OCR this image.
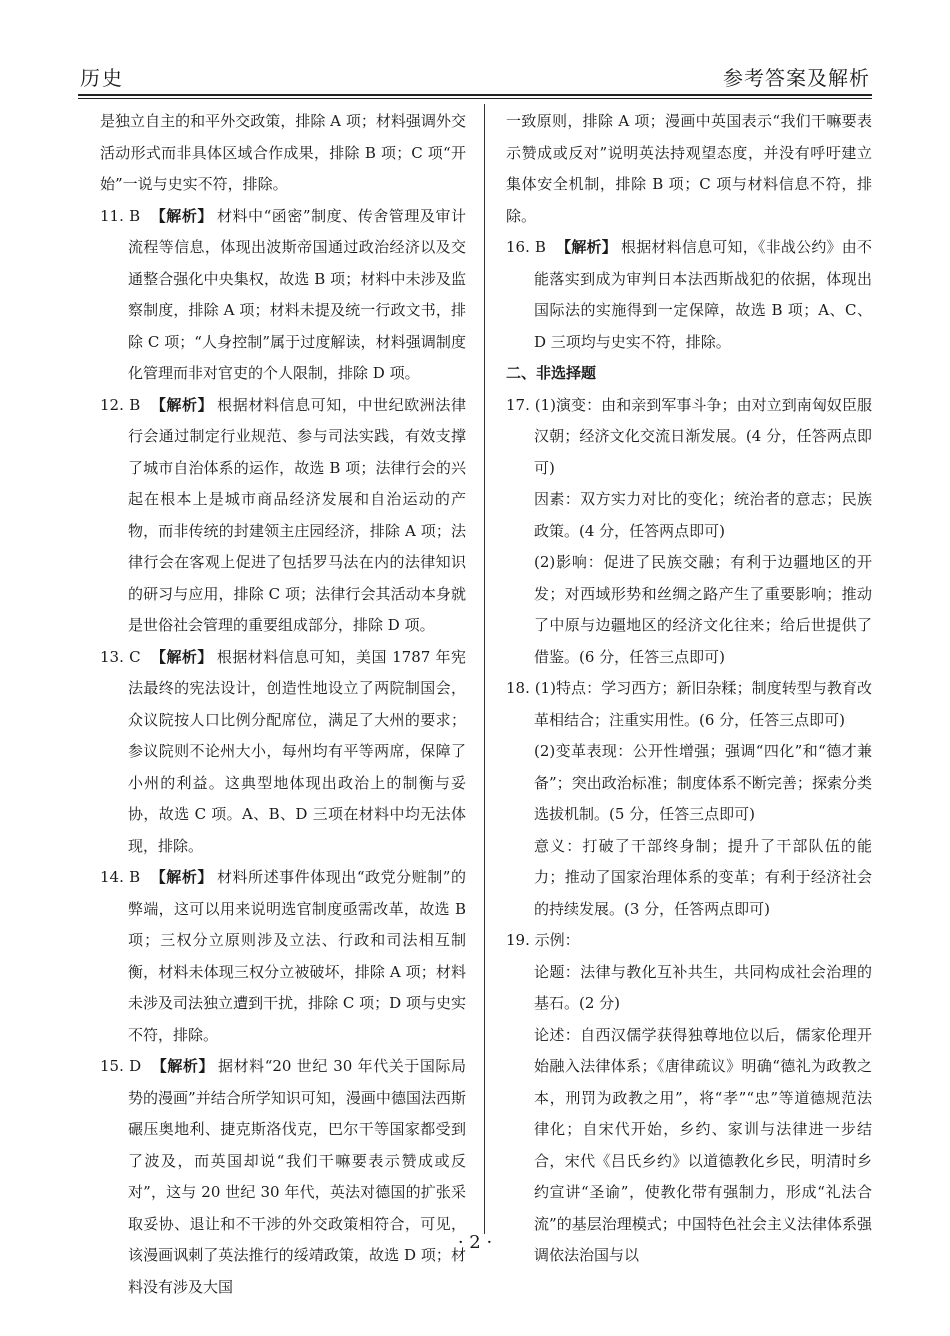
历史	参考答案及解析

是独立自主的和平外交政策，排除 A 项；材料强调外交活动形式而非具体区域合作成果，排除 B 项；C 项“开始”一说与史实不符，排除。

11. B 【解析】 材料中“函密”制度、传舍管理及审计流程等信息，体现出波斯帝国通过政治经济以及交通整合强化中央集权，故选 B 项；材料中未涉及监察制度，排除 A 项；材料未提及统一行政文书，排除 C 项；“人身控制”属于过度解读，材料强调制度化管理而非对官吏的个人限制，排除 D 项。

12. B 【解析】 根据材料信息可知，中世纪欧洲法律行会通过制定行业规范、参与司法实践，有效支撑了城市自治体系的运作，故选 B 项；法律行会的兴起在根本上是城市商品经济发展和自治运动的产物，而非传统的封建领主庄园经济，排除 A 项；法律行会在客观上促进了包括罗马法在内的法律知识的研习与应用，排除 C 项；法律行会其活动本身就是世俗社会管理的重要组成部分，排除 D 项。

13. C 【解析】 根据材料信息可知，美国 1787 年宪法最终的宪法设计，创造性地设立了两院制国会，众议院按人口比例分配席位，满足了大州的要求；参议院则不论州大小，每州均有平等两席，保障了小州的利益。这典型地体现出政治上的制衡与妥协，故选 C 项。A、B、D 三项在材料中均无法体现，排除。

14. B 【解析】 材料所述事件体现出“政党分赃制”的弊端，这可以用来说明选官制度亟需改革，故选 B 项；三权分立原则涉及立法、行政和司法相互制衡，材料未体现三权分立被破坏，排除 A 项；材料未涉及司法独立遭到干扰，排除 C 项；D 项与史实不符，排除。

15. D 【解析】 据材料“20 世纪 30 年代关于国际局势的漫画”并结合所学知识可知，漫画中德国法西斯碾压奥地利、捷克斯洛伐克，巴尔干等国家都受到了波及，而英国却说“我们干嘛要表示赞成或反对”，这与 20 世纪 30 年代，英法对德国的扩张采取妥协、退让和不干涉的外交政策相符合，可见，该漫画讽刺了英法推行的绥靖政策，故选 D 项；材料没有涉及大国

一致原则，排除 A 项；漫画中英国表示“我们干嘛要表示赞成或反对”说明英法持观望态度，并没有呼吁建立集体安全机制，排除 B 项；C 项与材料信息不符，排除。

16. B 【解析】 根据材料信息可知，《非战公约》由不能落实到成为审判日本法西斯战犯的依据，体现出国际法的实施得到一定保障，故选 B 项；A、C、D 三项均与史实不符，排除。

二、非选择题

17. (1)演变：由和亲到军事斗争；由对立到南匈奴臣服汉朝；经济文化交流日渐发展。(4 分，任答两点即可)

因素：双方实力对比的变化；统治者的意志；民族政策。(4 分，任答两点即可)

(2)影响：促进了民族交融；有利于边疆地区的开发；对西域形势和丝绸之路产生了重要影响；推动了中原与边疆地区的经济文化往来；给后世提供了借鉴。(6 分，任答三点即可)

18. (1)特点：学习西方；新旧杂糅；制度转型与教育改革相结合；注重实用性。(6 分，任答三点即可)

(2)变革表现：公开性增强；强调“四化”和“德才兼备”；突出政治标准；制度体系不断完善；探索分类选拔机制。(5 分，任答三点即可)

意义：打破了干部终身制；提升了干部队伍的能力；推动了国家治理体系的变革；有利于经济社会的持续发展。(3 分，任答两点即可)

19. 示例：

论题：法律与教化互补共生，共同构成社会治理的基石。(2 分)

论述：自西汉儒学获得独尊地位以后，儒家伦理开始融入法律体系；《唐律疏议》明确“德礼为政教之本，刑罚为政教之用”，将“孝”“忠”等道德规范法律化；自宋代开始，乡约、家训与法律进一步结合，宋代《吕氏乡约》以道德教化乡民，明清时乡约宣讲“圣谕”，使教化带有强制力，形成“礼法合流”的基层治理模式；中国特色社会主义法律体系强调依法治国与以

· 2 ·
